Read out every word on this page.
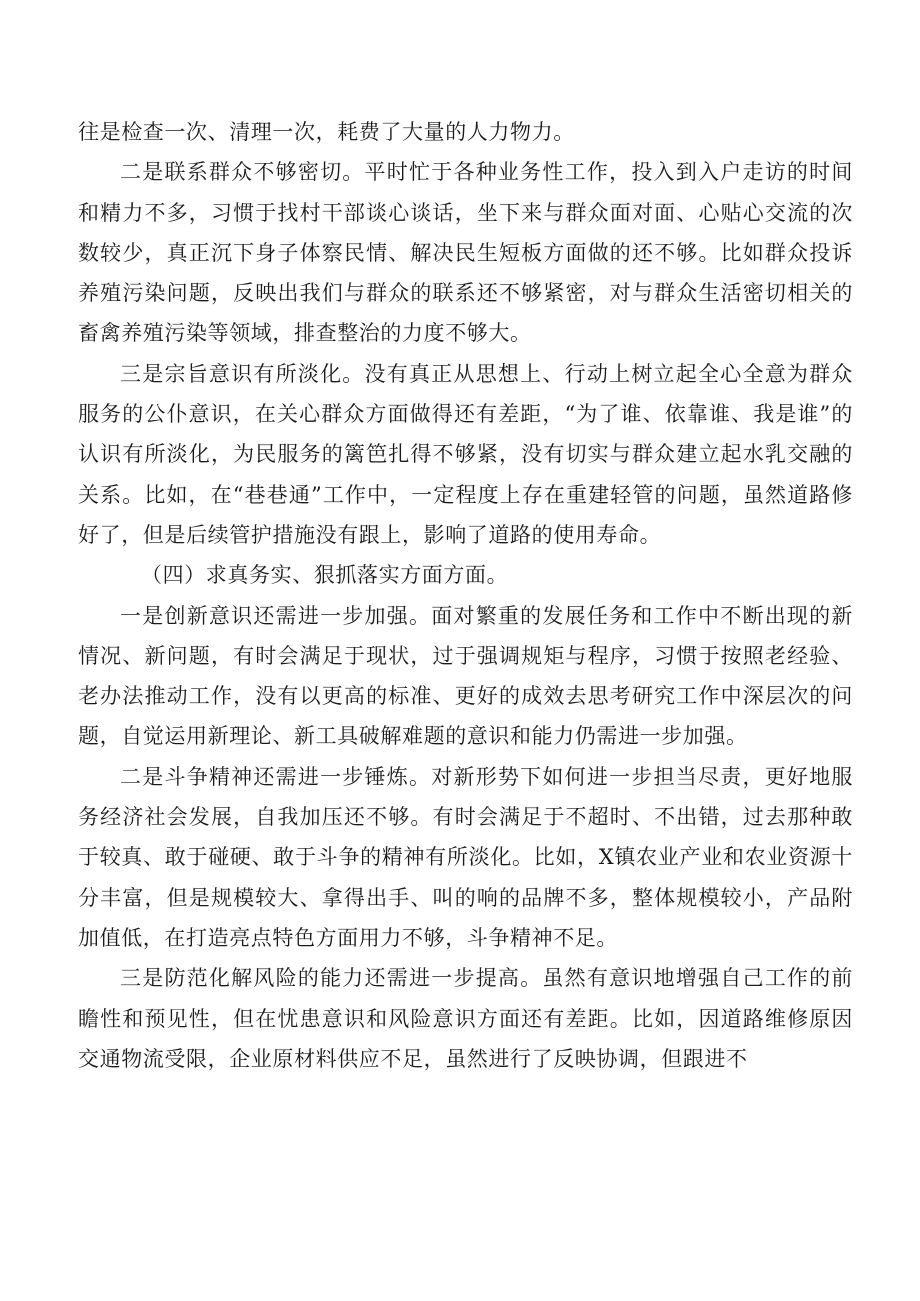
往是检查一次、清理一次，耗费了大量的人力物力。

二是联系群众不够密切。平时忙于各种业务性工作，投入到入户走访的时间和精力不多，习惯于找村干部谈心谈话，坐下来与群众面对面、心贴心交流的次数较少，真正沉下身子体察民情、解决民生短板方面做的还不够。比如群众投诉养殖污染问题，反映出我们与群众的联系还不够紧密，对与群众生活密切相关的畜禽养殖污染等领域，排查整治的力度不够大。

三是宗旨意识有所淡化。没有真正从思想上、行动上树立起全心全意为群众服务的公仆意识，在关心群众方面做得还有差距，“为了谁、依靠谁、我是谁”的认识有所淡化，为民服务的篱笆扎得不够紧，没有切实与群众建立起水乳交融的关系。比如，在“巷巷通”工作中，一定程度上存在重建轻管的问题，虽然道路修好了，但是后续管护措施没有跟上，影响了道路的使用寿命。

（四）求真务实、狠抓落实方面方面。

一是创新意识还需进一步加强。面对繁重的发展任务和工作中不断出现的新情况、新问题，有时会满足于现状，过于强调规矩与程序，习惯于按照老经验、老办法推动工作，没有以更高的标准、更好的成效去思考研究工作中深层次的问题，自觉运用新理论、新工具破解难题的意识和能力仍需进一步加强。

二是斗争精神还需进一步锤炼。对新形势下如何进一步担当尽责，更好地服务经济社会发展，自我加压还不够。有时会满足于不超时、不出错，过去那种敢于较真、敢于碰硬、敢于斗争的精神有所淡化。比如，X镇农业产业和农业资源十分丰富，但是规模较大、拿得出手、叫的响的品牌不多，整体规模较小，产品附加值低，在打造亮点特色方面用力不够，斗争精神不足。

三是防范化解风险的能力还需进一步提高。虽然有意识地增强自己工作的前瞻性和预见性，但在忧患意识和风险意识方面还有差距。比如，因道路维修原因交通物流受限，企业原材料供应不足，虽然进行了反映协调，但跟进不
